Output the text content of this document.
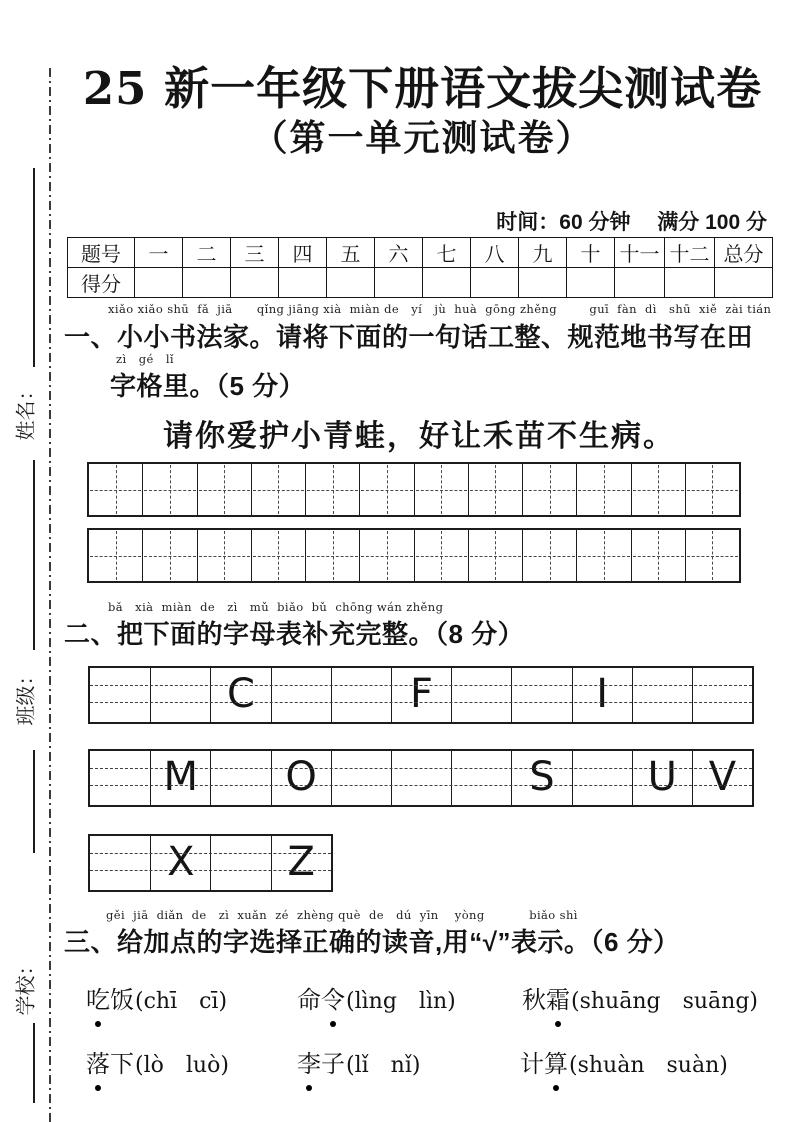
姓名：
班级：
学校：
25 新一年级下册语文拔尖测试卷
（第一单元测试卷）
时间：60 分钟　 满分 100 分
题号	一	二	三	四	五	六	七	八	九	十	十一	十二	总分
得分													
xiǎo xiǎo shū  fǎ  jiā      qǐng jiāng xià  miàn de   yí   jù  huà  gōng zhěng        guī  fàn  dì   shū  xiě  zài tián
一、小小书法家。请将下面的一句话工整、规范地书写在田
zì   gé   lǐ
字格里。（5 分）
请你爱护小青蛙，好让禾苗不生病。
bǎ   xià  miàn  de   zì   mǔ  biǎo  bǔ  chōng wán zhěng
二、把下面的字母表补充完整。（8 分）
C	F	I
M	O	S	U V
X	Z
gěi  jiā  diǎn  de   zì  xuǎn  zé  zhèng què  de   dú  yīn    yòng           biǎo shì
三、给加点的字选择正确的读音,用“√”表示。（6 分）
吃饭(chī　cī)	命令(lìng　lìn)	秋霜(shuāng　suāng)
落下(lò　luò)	李子(lǐ　nǐ)	计算(shuàn　suàn)
